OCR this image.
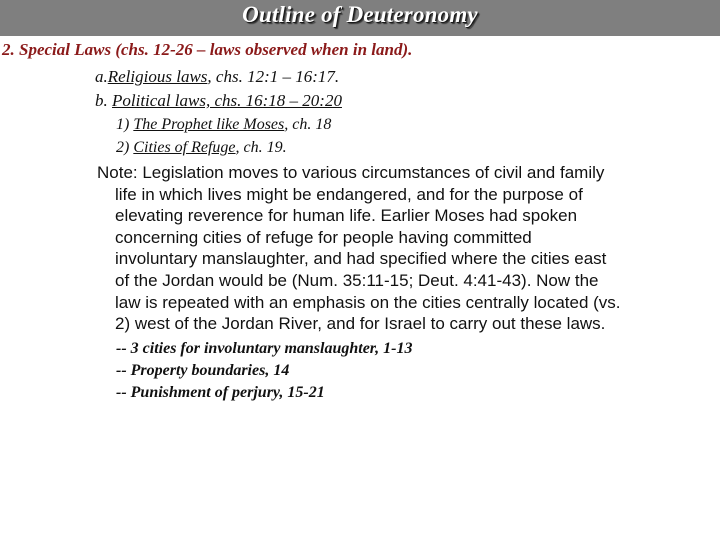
Outline of Deuteronomy
2. Special Laws (chs. 12-26 – laws observed when in land).
a.Religious laws, chs. 12:1 – 16:17.
b. Political laws, chs. 16:18 – 20:20
1) The Prophet like Moses, ch. 18
2) Cities of Refuge, ch. 19.
Note: Legislation moves to various circumstances of civil and family
life in which lives might be endangered, and for the purpose of
elevating reverence for human life. Earlier Moses had spoken
concerning cities of refuge for people having committed
involuntary manslaughter, and had specified where the cities east
of the Jordan would be (Num. 35:11-15; Deut. 4:41-43). Now the
law is repeated with an emphasis on the cities centrally located (vs.
2) west of the Jordan River, and for Israel to carry out these laws.
-- 3 cities for involuntary manslaughter, 1-13
-- Property boundaries, 14
-- Punishment of perjury, 15-21
